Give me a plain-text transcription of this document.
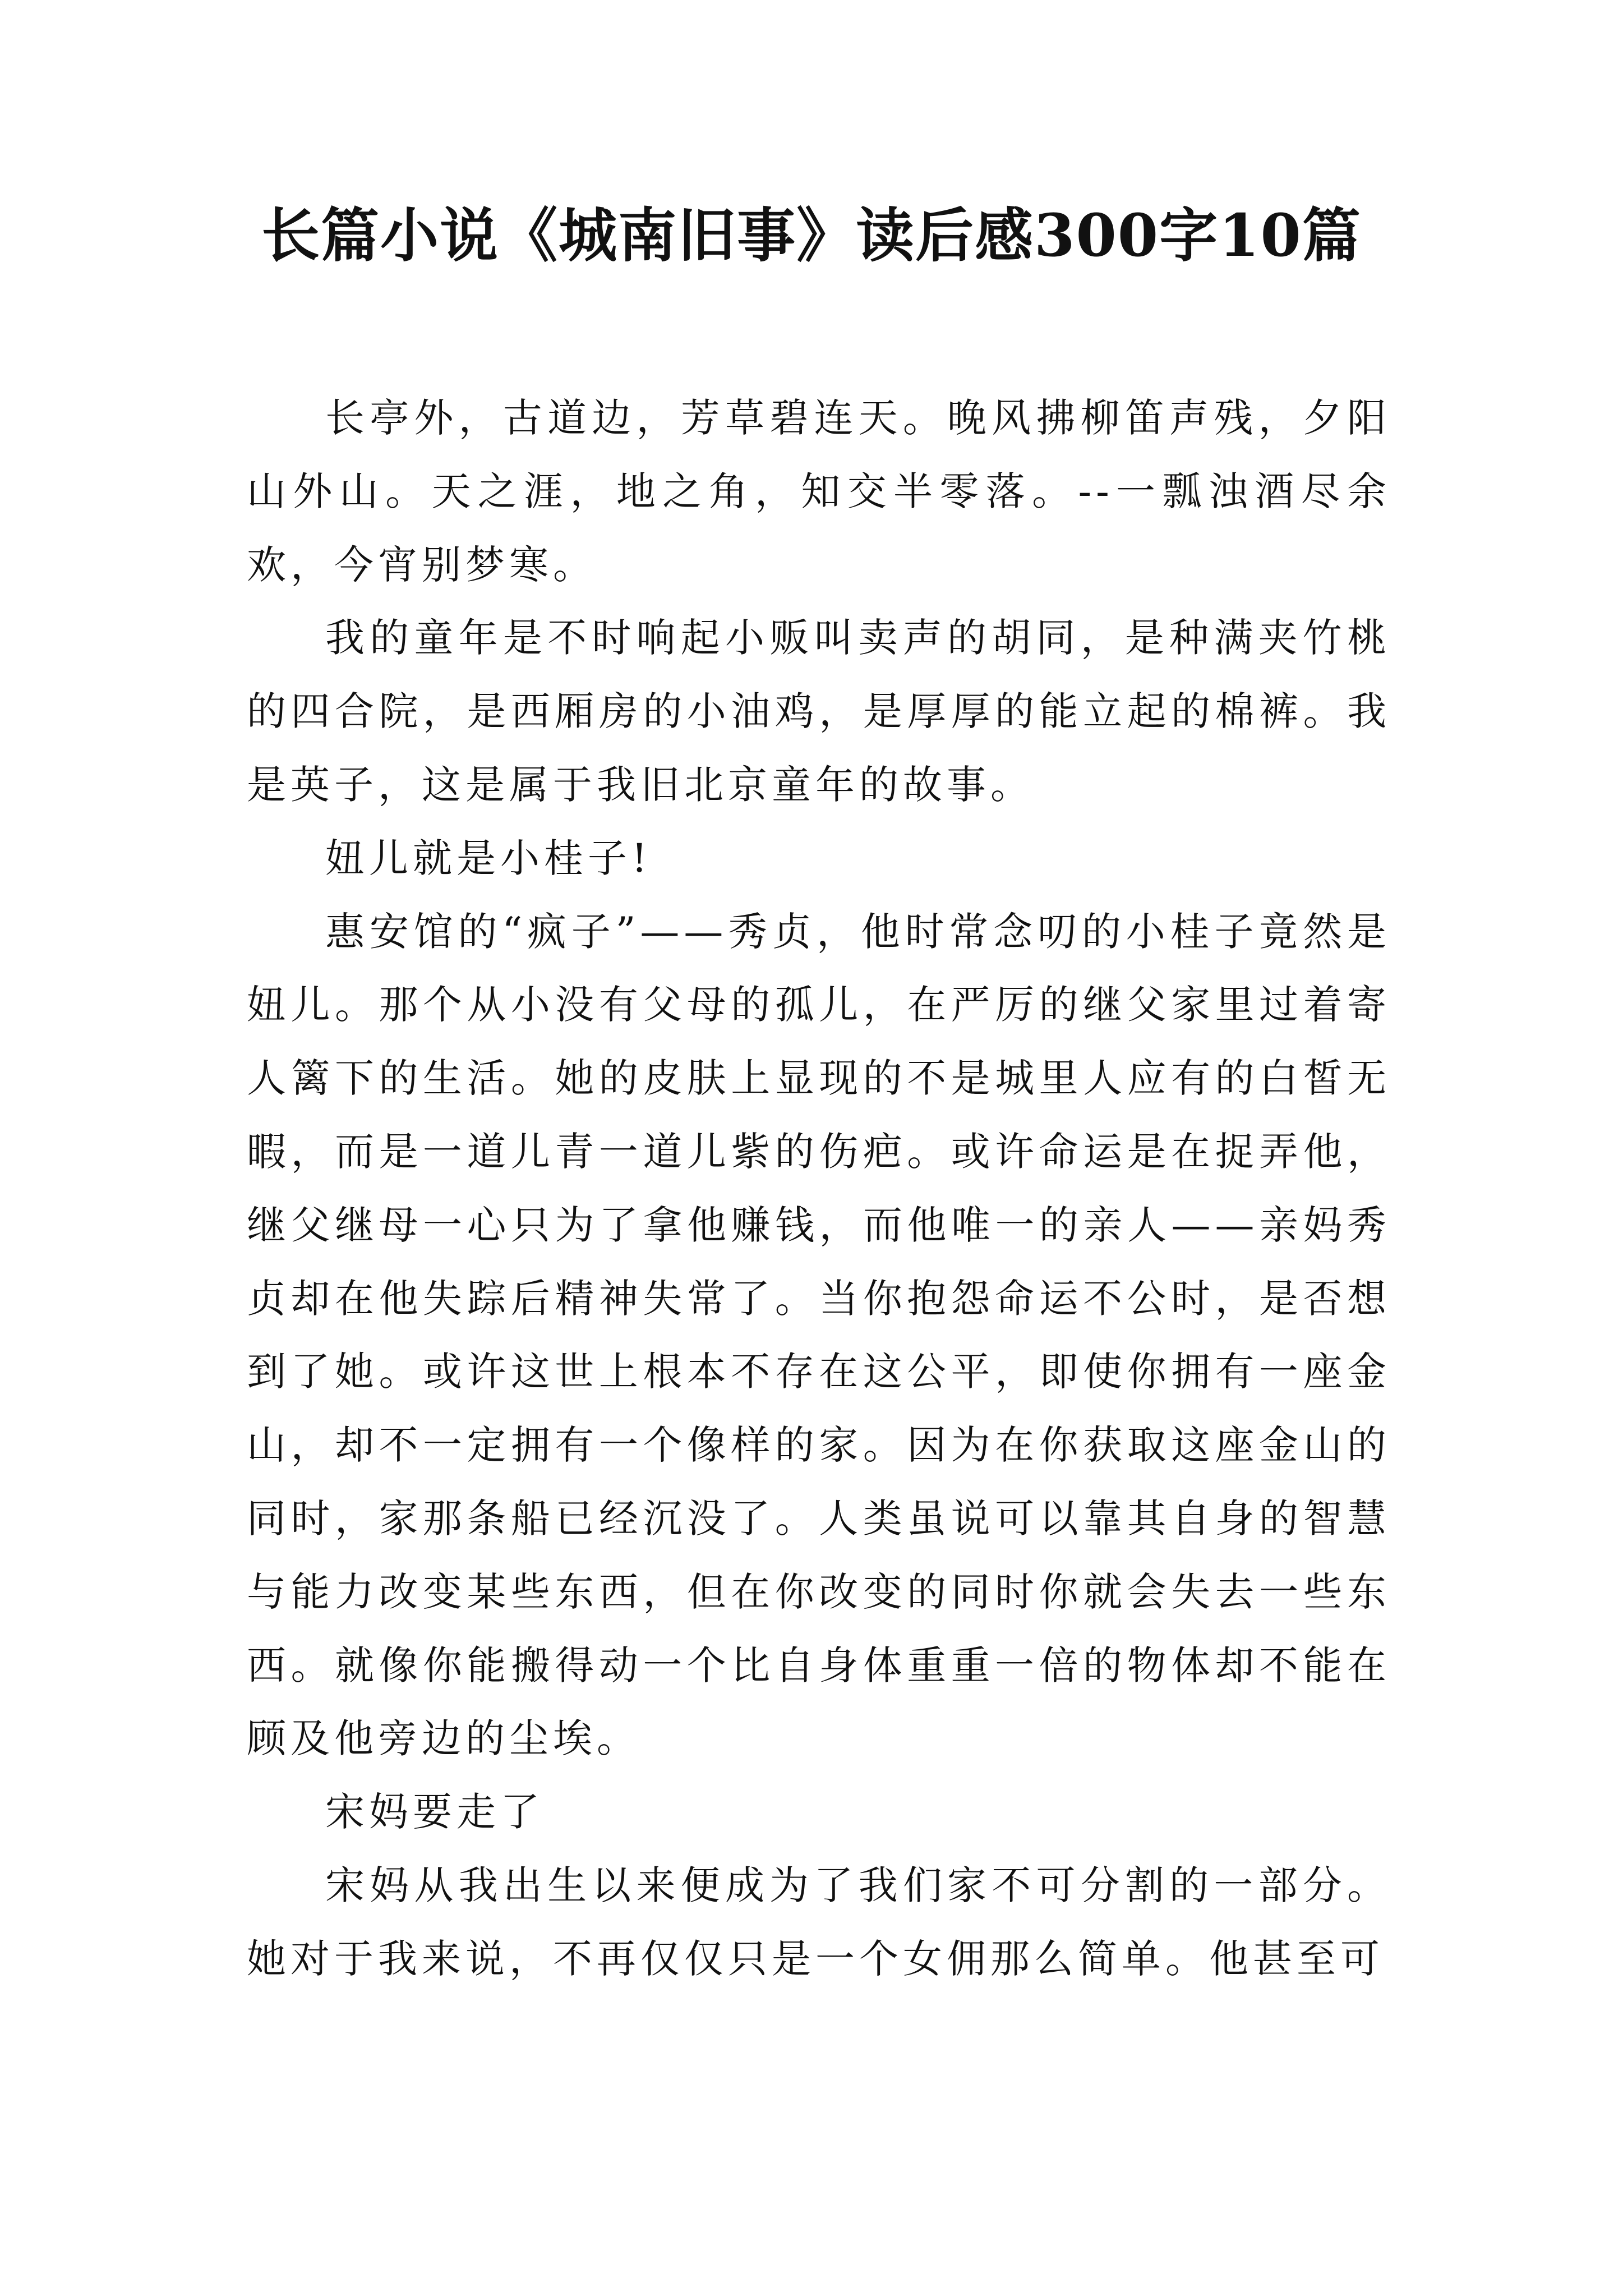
长篇小说《城南旧事》读后感300字10篇

长亭外，古道边，芳草碧连天。晚风拂柳笛声残，夕阳山外山。天之涯，地之角，知交半零落。--一瓢浊酒尽余欢，今宵别梦寒。

我的童年是不时响起小贩叫卖声的胡同，是种满夹竹桃的四合院，是西厢房的小油鸡，是厚厚的能立起的棉裤。我是英子，这是属于我旧北京童年的故事。

妞儿就是小桂子!

惠安馆的“疯子”——秀贞，他时常念叨的小桂子竟然是妞儿。那个从小没有父母的孤儿，在严厉的继父家里过着寄人篱下的生活。她的皮肤上显现的不是城里人应有的白皙无暇，而是一道儿青一道儿紫的伤疤。或许命运是在捉弄他，继父继母一心只为了拿他赚钱，而他唯一的亲人——亲妈秀贞却在他失踪后精神失常了。当你抱怨命运不公时，是否想到了她。或许这世上根本不存在这公平，即使你拥有一座金山，却不一定拥有一个像样的家。因为在你获取这座金山的同时，家那条船已经沉没了。人类虽说可以靠其自身的智慧与能力改变某些东西，但在你改变的同时你就会失去一些东西。就像你能搬得动一个比自身体重重一倍的物体却不能在顾及他旁边的尘埃。

宋妈要走了

宋妈从我出生以来便成为了我们家不可分割的一部分。她对于我来说，不再仅仅只是一个女佣那么简单。他甚至可
